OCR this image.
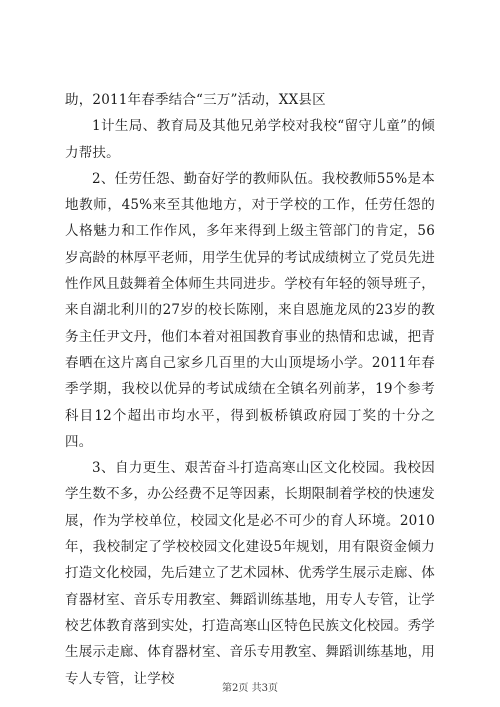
助，2011年春季结合“三万”活动，XX县区

1计生局、教育局及其他兄弟学校对我校“留守儿童”的倾力帮扶。

2、任劳任怨、勤奋好学的教师队伍。我校教师55%是本地教师，45%来至其他地方，对于学校的工作，任劳任怨的人格魅力和工作作风，多年来得到上级主管部门的肯定，56岁高龄的林厚平老师，用学生优异的考试成绩树立了党员先进性作风且鼓舞着全体师生共同进步。学校有年轻的领导班子，来自湖北利川的27岁的校长陈刚，来自恩施龙凤的23岁的教务主任尹文丹，他们本着对祖国教育事业的热情和忠诚，把青春晒在这片离自己家乡几百里的大山顶堤场小学。2011年春季学期，我校以优异的考试成绩在全镇名列前茅，19个参考科目12个超出市均水平，得到板桥镇政府园丁奖的十分之四。

3、自力更生、艰苦奋斗打造高寒山区文化校园。我校因学生数不多，办公经费不足等因素，长期限制着学校的快速发展，作为学校单位，校园文化是必不可少的育人环境。2010年，我校制定了学校校园文化建设5年规划，用有限资金倾力打造文化校园，先后建立了艺术园林、优秀学生展示走廊、体育器材室、音乐专用教室、舞蹈训练基地，用专人专管，让学校艺体教育落到实处，打造高寒山区特色民族文化校园。秀学生展示走廊、体育器材室、音乐专用教室、舞蹈训练基地，用专人专管，让学校

第2页 共3页
